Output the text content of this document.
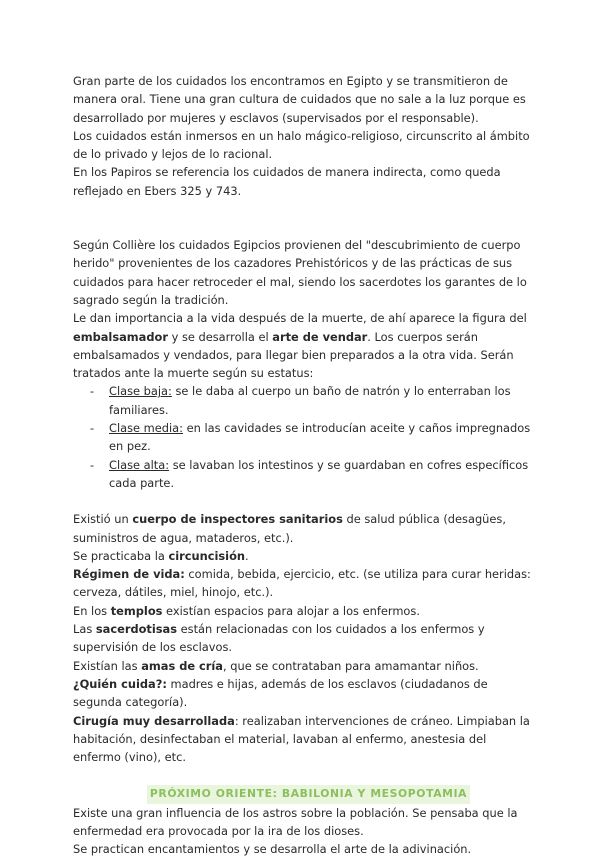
Gran parte de los cuidados los encontramos en Egipto y se transmitieron de manera oral. Tiene una gran cultura de cuidados que no sale a la luz porque es desarrollado por mujeres y esclavos (supervisados por el responsable).

Los cuidados están inmersos en un halo mágico-religioso, circunscrito al ámbito de lo privado y lejos de lo racional.

En los Papiros se referencia los cuidados de manera indirecta, como queda reflejado en Ebers 325 y 743.

Según Collière los cuidados Egipcios provienen del "descubrimiento de cuerpo herido" provenientes de los cazadores Prehistóricos y de las prácticas de sus cuidados para hacer retroceder el mal, siendo los sacerdotes los garantes de lo sagrado según la tradición.

Le dan importancia a la vida después de la muerte, de ahí aparece la figura del embalsamador y se desarrolla el arte de vendar. Los cuerpos serán embalsamados y vendados, para llegar bien preparados a la otra vida. Serán tratados ante la muerte según su estatus:

- Clase baja: se le daba al cuerpo un baño de natrón y lo enterraban los familiares.
- Clase media: en las cavidades se introducían aceite y caños impregnados en pez.
- Clase alta: se lavaban los intestinos y se guardaban en cofres específicos cada parte.

Existió un cuerpo de inspectores sanitarios de salud pública (desagües, suministros de agua, mataderos, etc.).

Se practicaba la circuncisión.

Régimen de vida: comida, bebida, ejercicio, etc. (se utiliza para curar heridas: cerveza, dátiles, miel, hinojo, etc.).

En los templos existían espacios para alojar a los enfermos.

Las sacerdotisas están relacionadas con los cuidados a los enfermos y supervisión de los esclavos.

Existían las amas de cría, que se contrataban para amamantar niños.

¿Quién cuida?: madres e hijas, además de los esclavos (ciudadanos de segunda categoría).

Cirugía muy desarrollada: realizaban intervenciones de cráneo. Limpiaban la habitación, desinfectaban el material, lavaban al enfermo, anestesia del enfermo (vino), etc.

PRÓXIMO ORIENTE: BABILONIA Y MESOPOTAMIA

Existe una gran influencia de los astros sobre la población. Se pensaba que la enfermedad era provocada por la ira de los dioses.

Se practican encantamientos y se desarrolla el arte de la adivinación.
